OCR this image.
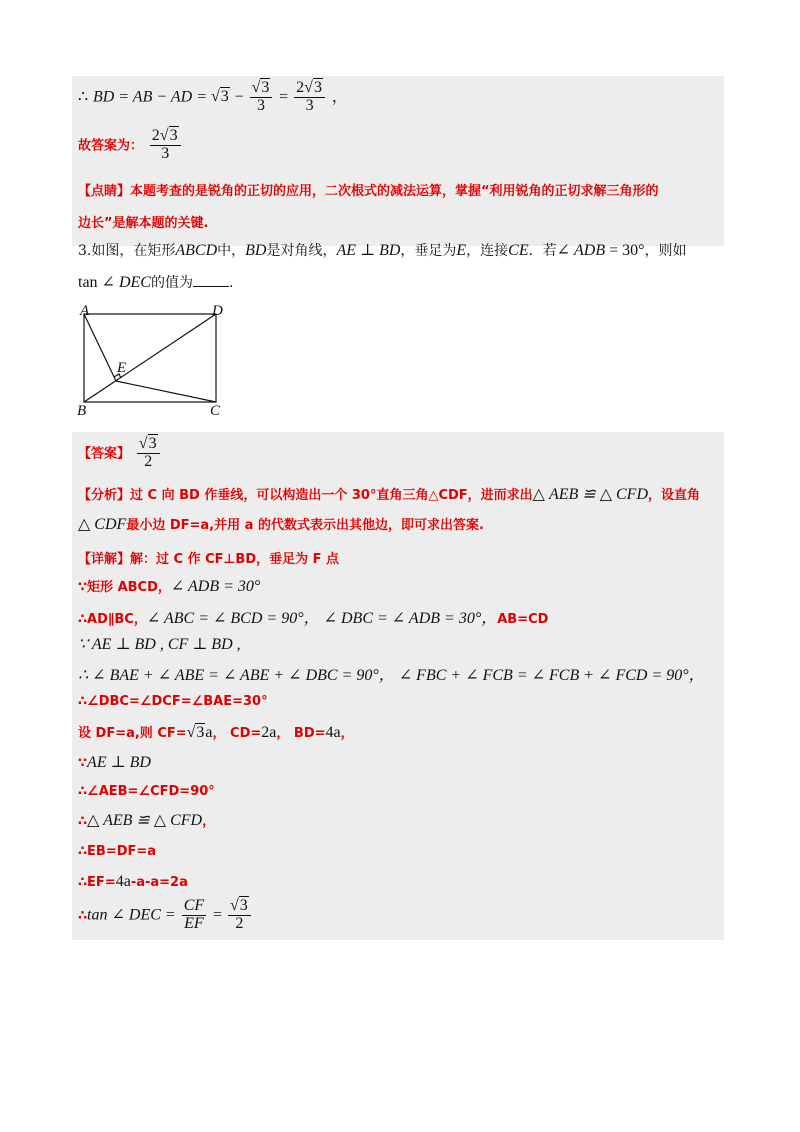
∴ BD = AB − AD = $√3 - \frac{√3}{3} = \frac{2√3}{3}$ ，
故答案为： $\frac{2√3}{3}$
【点睛】本题考查的是锐角的正切的应用，二次根式的减法运算，掌握“利用锐角的正切求解三角形的
边长”是解本题的关键.
3.如图，在矩形ABCD中，BD是对角线，AE ⊥ BD，垂足为E，连接CE．若∠ ADB = 30°，则如
tan ∠ DEC的值为	.
A	D
B	C
E
【答案】 $\frac{√3}{2}$
【分析】过 C 向 BD 作垂线，可以构造出一个 30°直角三角△CDF，进而求出△ AEB ≌ △ CFD，设直角
△ CDF最小边 DF=a,并用 a 的代数式表示出其他边，即可求出答案.
【详解】解：过 C 作 CF⊥BD，垂足为 F 点
∵矩形 ABCD，∠ ADB = 30°
∴AD∥BC，∠ ABC = ∠ BCD = 90°， ∠ DBC = ∠ ADB = 30°，AB=CD
∵ AE ⊥ BD , CF ⊥ BD ,
∴ ∠ BAE + ∠ ABE = ∠ ABE + ∠ DBC = 90°， ∠ FBC + ∠ FCB = ∠ FCB + ∠ FCD = 90°，
∴∠DBC=∠DCF=∠BAE=30°
设 DF=a,则 CF=√3a， CD=2a， BD=4a，
∵AE ⊥ BD
∴∠AEB=∠CFD=90°
∴△ AEB ≌ △ CFD，
∴EB=DF=a
∴EF=4a-a-a=2a
∴tan ∠ DEC = $\frac{CF}{EF} = \frac{√3}{2}$
